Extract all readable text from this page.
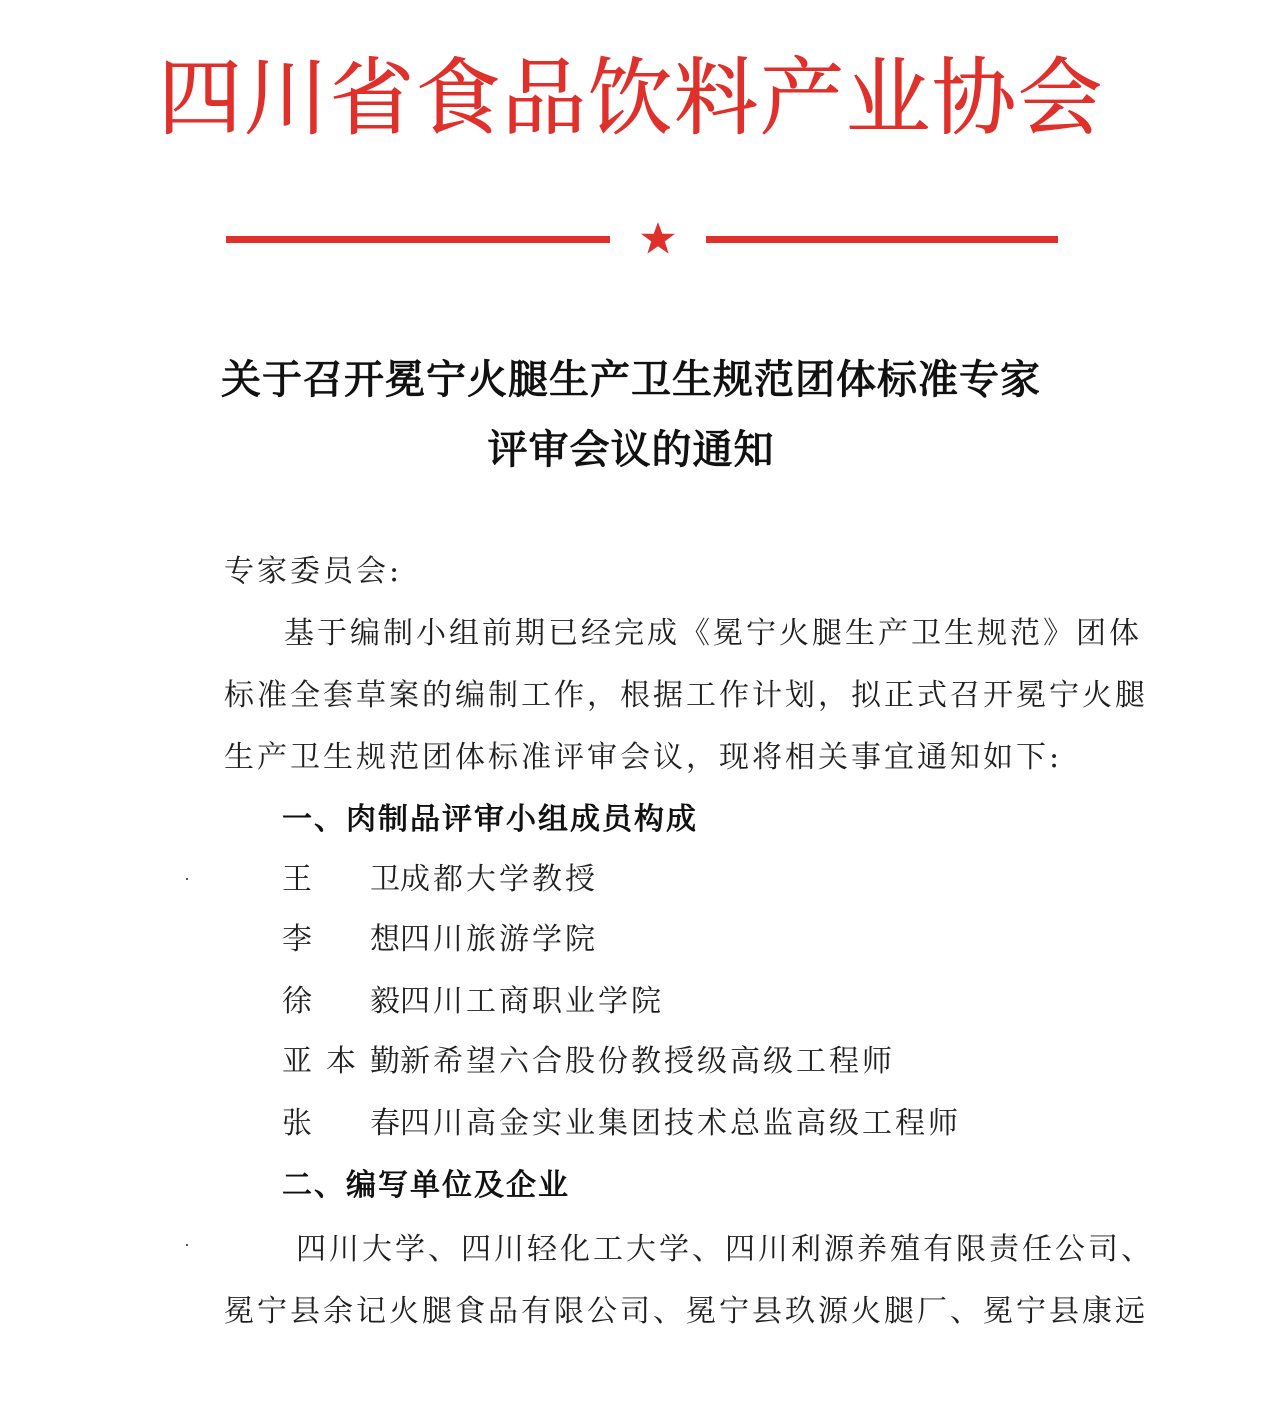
四川省食品饮料产业协会
关于召开冕宁火腿生产卫生规范团体标准专家
评审会议的通知
专家委员会:
基于编制小组前期已经完成《冕宁火腿生产卫生规范》团体
标准全套草案的编制工作，根据工作计划，拟正式召开冕宁火腿
生产卫生规范团体标准评审会议，现将相关事宜通知如下:
一、肉制品评审小组成员构成
王卫成都大学教授
李想四川旅游学院
徐毅四川工商职业学院
亚本勤新希望六合股份教授级高级工程师
张春四川高金实业集团技术总监高级工程师
二、编写单位及企业
四川大学、四川轻化工大学、四川利源养殖有限责任公司、
冕宁县余记火腿食品有限公司、冕宁县玖源火腿厂、冕宁县康远
